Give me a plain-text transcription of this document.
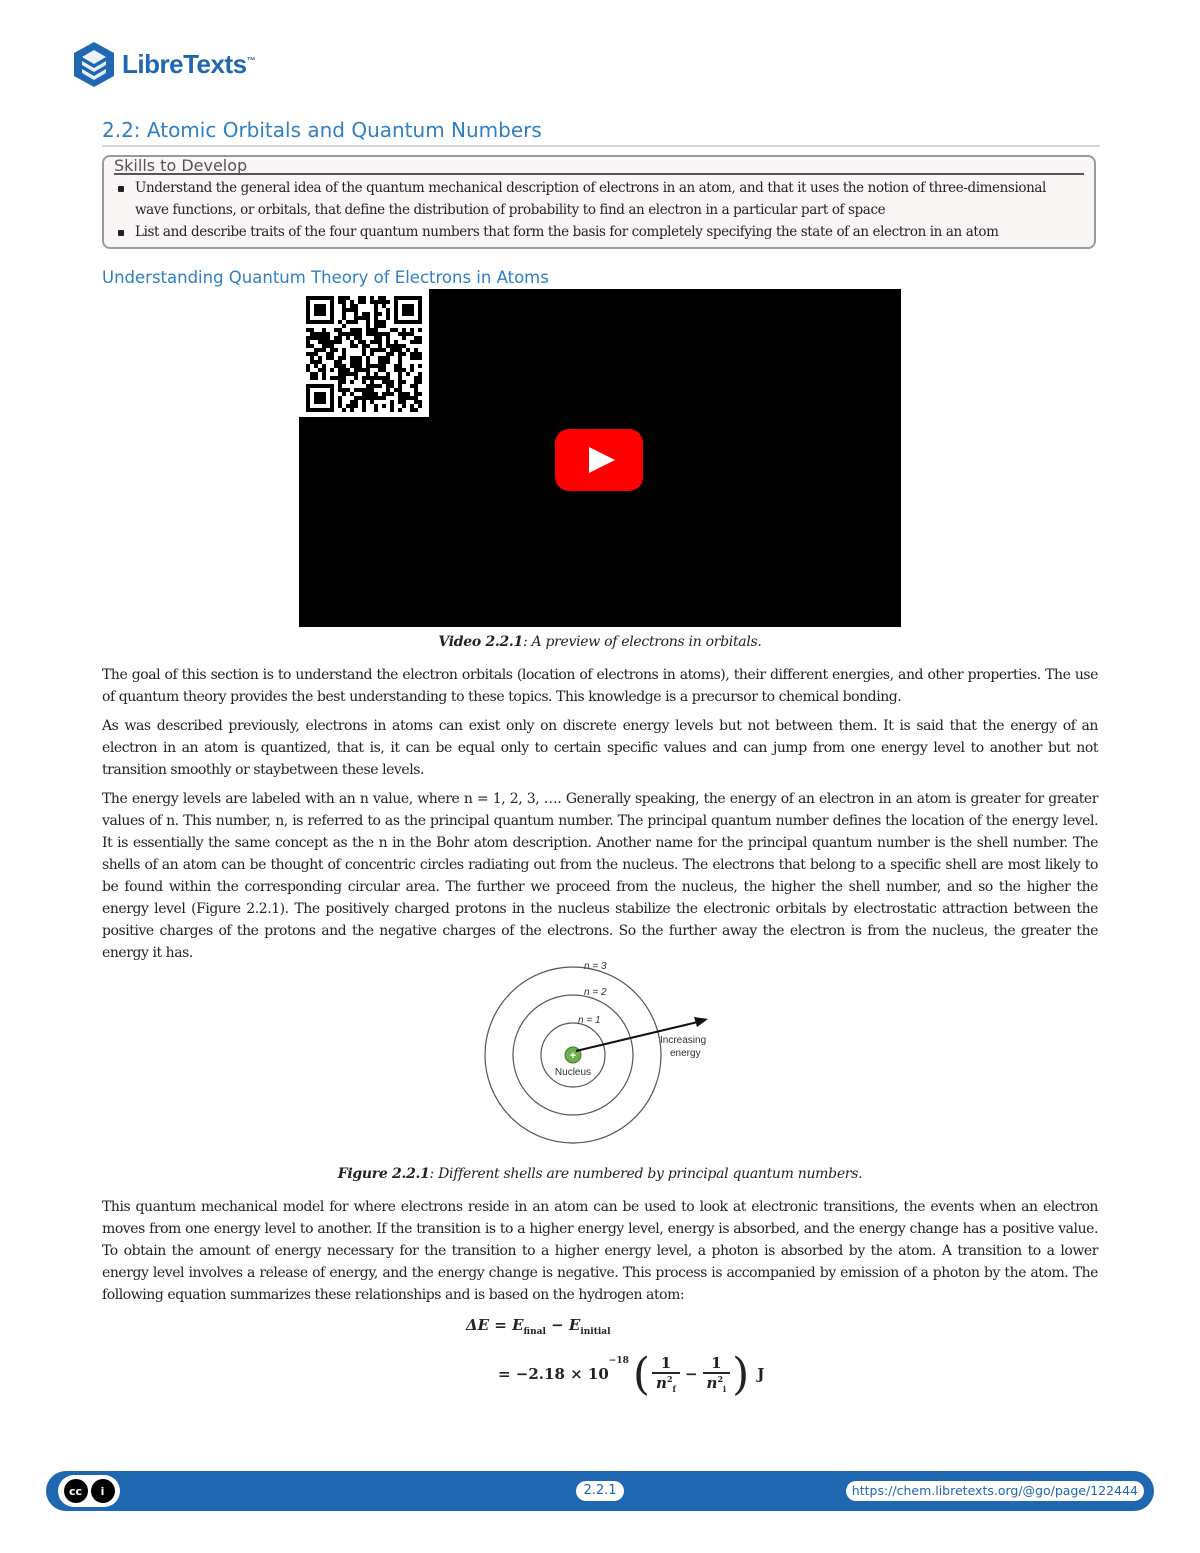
LibreTexts™
2.2: Atomic Orbitals and Quantum Numbers
Skills to Develop
Understand the general idea of the quantum mechanical description of electrons in an atom, and that it uses the notion of three-dimensional wave functions, or orbitals, that define the distribution of probability to find an electron in a particular part of space
List and describe traits of the four quantum numbers that form the basis for completely specifying the state of an electron in an atom
Understanding Quantum Theory of Electrons in Atoms
Video 2.2.1: A preview of electrons in orbitals.

The goal of this section is to understand the electron orbitals (location of electrons in atoms), their different energies, and other properties. The use of quantum theory provides the best understanding to these topics. This knowledge is a precursor to chemical bonding.

As was described previously, electrons in atoms can exist only on discrete energy levels but not between them. It is said that the energy of an electron in an atom is quantized, that is, it can be equal only to certain specific values and can jump from one energy level to another but not transition smoothly or staybetween these levels.

The energy levels are labeled with an n value, where n = 1, 2, 3, …. Generally speaking, the energy of an electron in an atom is greater for greater values of n. This number, n, is referred to as the principal quantum number. The principal quantum number defines the location of the energy level. It is essentially the same concept as the n in the Bohr atom description. Another name for the principal quantum number is the shell number. The shells of an atom can be thought of concentric circles radiating out from the nucleus. The electrons that belong to a specific shell are most likely to be found within the corresponding circular area. The further we proceed from the nucleus, the higher the shell number, and so the higher the energy level (Figure 2.2.1). The positively charged protons in the nucleus stabilize the electronic orbitals by electrostatic attraction between the positive charges of the protons and the negative charges of the electrons. So the further away the electron is from the nucleus, the greater the energy it has.

+
Nucleus
Increasing
energy
n = 3
n = 2
n = 1
Figure 2.2.1: Different shells are numbered by principal quantum numbers.

This quantum mechanical model for where electrons reside in an atom can be used to look at electronic transitions, the events when an electron moves from one energy level to another. If the transition is to a higher energy level, energy is absorbed, and the energy change has a positive value. To obtain the amount of energy necessary for the transition to a higher energy level, a photon is absorbed by the atom. A transition to a lower energy level involves a release of energy, and the energy change is negative. This process is accompanied by emission of a photon by the atom. The following equation summarizes these relationships and is based on the hydrogen atom:

$\Delta E = E_{final} - E_{initial}$
= −2.18 × 10
$^{-18}$ ( 1
$n^2_f$
− $\frac{1}{n^2_i}$ ) J
cc	i	2.2.1	https://chem.libretexts.org/@go/page/122444
